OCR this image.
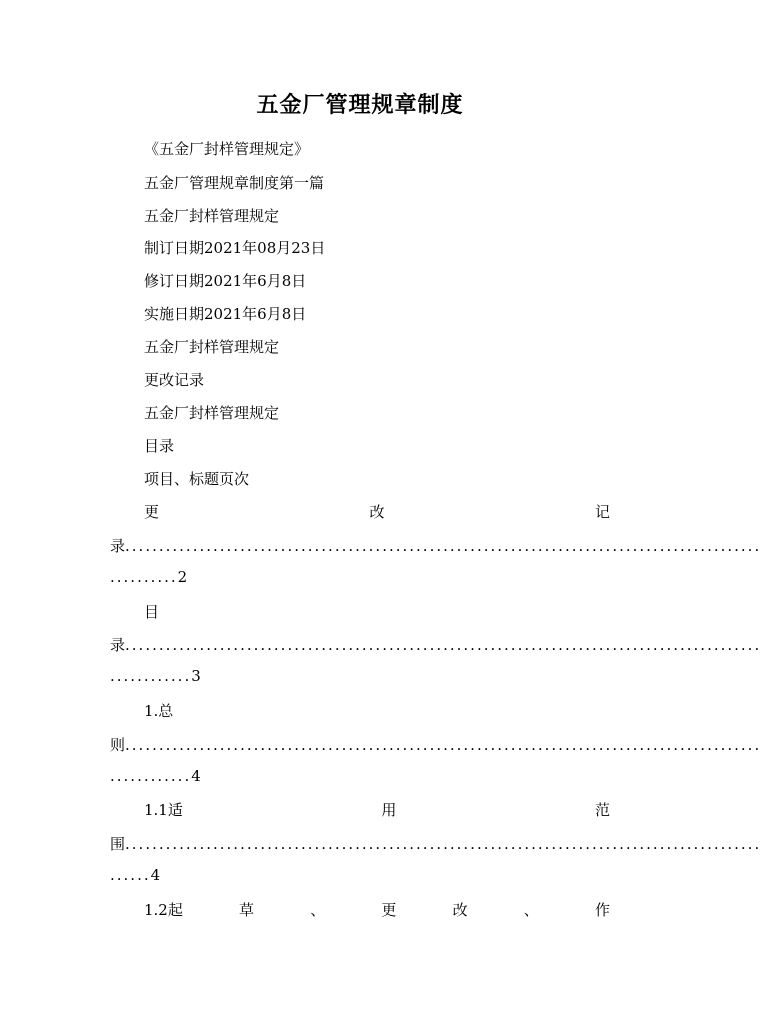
五金厂管理规章制度
《五金厂封样管理规定》
五金厂管理规章制度第一篇
五金厂封样管理规定
制订日期2021年08月23日
修订日期2021年6月8日
实施日期2021年6月8日
五金厂封样管理规定
更改记录
五金厂封样管理规定
目录
项目、标题页次
更	改	记
录..............................................................................................
..........2
目
录..............................................................................................
............3
1.总
则..............................................................................................
............4
1.1适	用	范
围..............................................................................................
......4
1.2起	草	、	更	改	、	作
